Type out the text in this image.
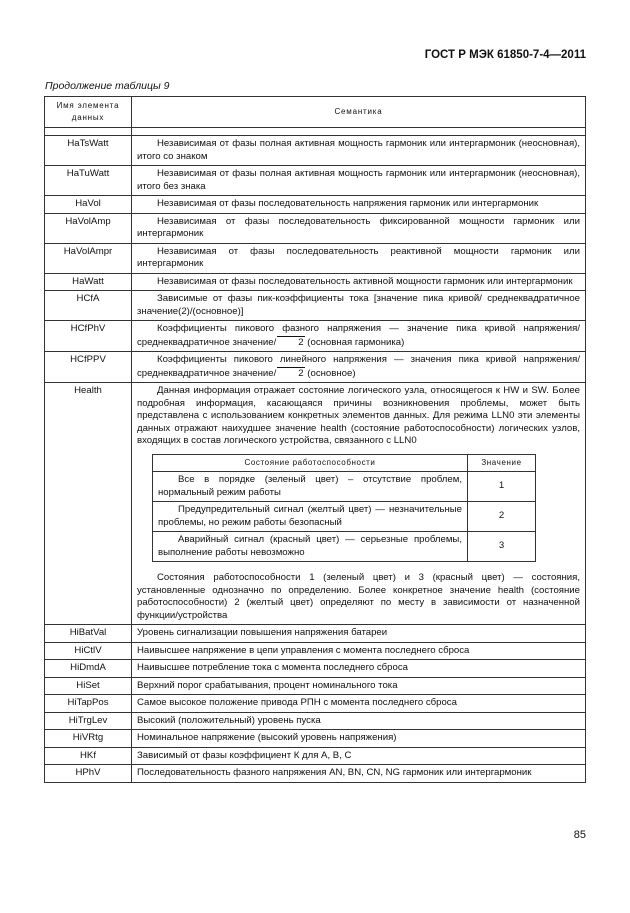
ГОСТ Р МЭК 61850-7-4—2011
Продолжение таблицы 9
Имя элемента данных	Семантика

HaTsWatt	Независимая от фазы полная активная мощность гармоник или интергармоник (неосновная), итого со знаком
HaTuWatt	Независимая от фазы полная активная мощность гармоник или интергармоник (неосновная), итого без знака
HaVol	Независимая от фазы последовательность напряжения гармоник или интергармоник
HaVolAmp	Независимая от фазы последовательность фиксированной мощности гармоник или интергармоник
HaVolAmpr	Независимая от фазы последовательность реактивной мощности гармоник или интергармоник
HaWatt	Независимая от фазы последовательность активной мощности гармоник или интергармоник
HCfA	Зависимые от фазы пик-коэффициенты тока [значение пика кривой/ среднеквадратичное значение(2)/(основное)]
HCfPhV	Коэффициенты пикового фазного напряжения — значение пика кривой напряжения/ среднеквадратичное значение/ 2 (основная гармоника)
HCfPPV	Коэффициенты пикового линейного напряжения — значения пика кривой напряжения/ среднеквадратичное значение/ 2 (основное)
Health	Данная информация отражает состояние логического узла, относящегося к HW и SW. Более подробная информация, касающаяся причины возникновения проблемы, может быть представлена с использованием конкретных элементов данных. Для режима LLN0 эти элементы данных отражают наихудшее значение health (состояние работоспособности) логических узлов, входящих в состав логического устройства, связанного с LLN0

Состояние работоспособности	Значение
Все в порядке (зеленый цвет) – отсутствие проблем, нормальный режим работы	1
Предупредительный сигнал (желтый цвет) — незначительные проблемы, но режим работы безопасный	2
Аварийный сигнал (красный цвет) — серьезные проблемы, выполнение работы невозможно	3

Состояния работоспособности 1 (зеленый цвет) и 3 (красный цвет) — состояния, установленные однозначно по определению. Более конкретное значение health (состояние работоспособности) 2 (желтый цвет) определяют по месту в зависимости от назначенной функции/устройства

HiBatVal	Уровень сигнализации повышения напряжения батареи
HiCtlV	Наивысшее напряжение в цепи управления с момента последнего сброса
HiDmdA	Наивысшее потребление тока с момента последнего сброса
HiSet	Верхний порог срабатывания, процент номинального тока
HiTapPos	Самое высокое положение привода РПН с момента последнего сброса
HiTrgLev	Высокий (положительный) уровень пуска
HiVRtg	Номинальное напряжение (высокий уровень напряжения)
HKf	Зависимый от фазы коэффициент К для А, В, С
HPhV	Последовательность фазного напряжения AN, BN, CN, NG гармоник или интергармоник
85
